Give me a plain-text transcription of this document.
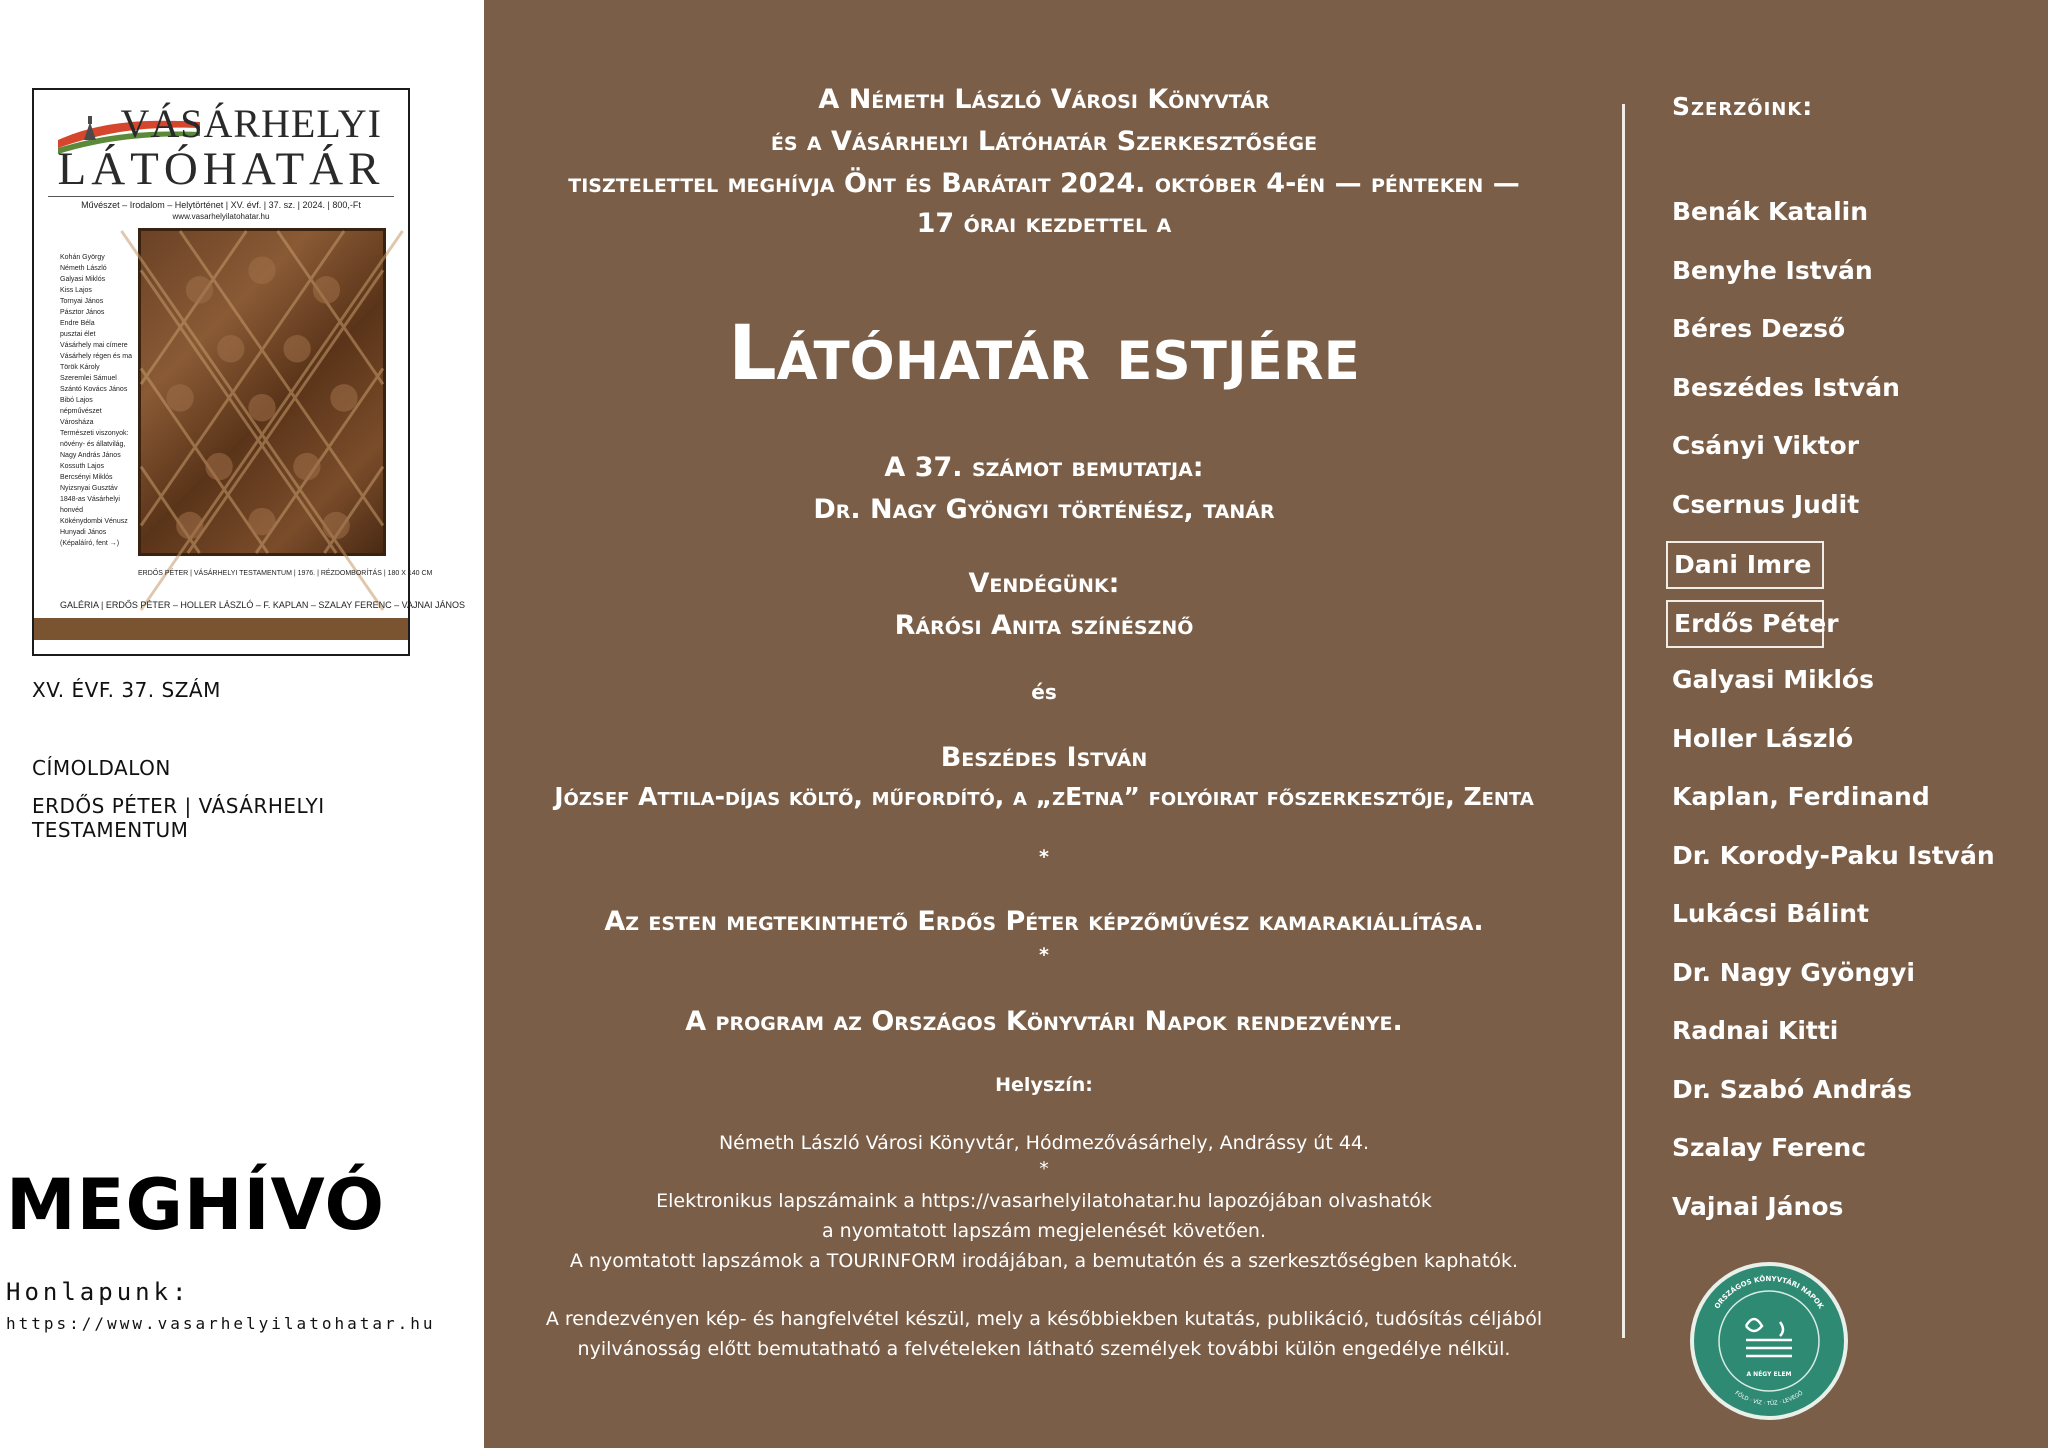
VÁSÁRHELYI
LÁTÓHATÁR
Művészet – Irodalom – Helytörténet | XV. évf. | 37. sz. | 2024. | 800,-Ft
www.vasarhelyilatohatar.hu
Kohán György
Németh László
Galyasi Miklós
Kiss Lajos
Tornyai János
Pásztor János
Endre Béla
pusztai élet
Vásárhely mai címere
Vásárhely régen és ma
Török Károly
Szeremlei Sámuel
Szántó Kovács János
Bibó Lajos
népművészet
Városháza
Természeti viszonyok:
növény- és állatvilág,
Nagy András János
Kossuth Lajos
Bercsényi Miklós
Nyizsnyai Gusztáv
1848-as Vásárhelyi
honvéd
Kökénydombi Vénusz
Hunyadi János
(Képaláíró, fent →)
ERDŐS PÉTER | VÁSÁRHELYI TESTAMENTUM | 1976. | RÉZDOMBORÍTÁS | 180 X 140 CM
GALÉRIA | ERDŐS PÉTER – HOLLER LÁSZLÓ – F. KAPLAN – SZALAY FERENC – VAJNAI JÁNOS
XV. ÉVF. 37. SZÁM
CÍMOLDALON
ERDŐS PÉTER | VÁSÁRHELYI TESTAMENTUM
MEGHÍVÓ
Honlapunk:
https://www.vasarhelyilatohatar.hu
A Németh László Városi Könyvtár
és a Vásárhelyi Látóhatár Szerkesztősége
tisztelettel meghívja Önt és Barátait 2024. október 4-én — pénteken —
17 órai kezdettel a
Látóhatár estjére
A 37. számot bemutatja:
Dr. Nagy Gyöngyi történész, tanár
Vendégünk:
Rárósi Anita színésznő
és
Beszédes István
József Attila-díjas költő, műfordító, a „zEtna” folyóirat főszerkesztője, Zenta
*
Az esten megtekinthető Erdős Péter képzőművész kamarakiállítása.
*
A program az Országos Könyvtári Napok rendezvénye.
Helyszín:
Németh László Városi Könyvtár, Hódmezővásárhely, Andrássy út 44.
*
Elektronikus lapszámaink a https://vasarhelyilatohatar.hu lapozójában olvashatók
a nyomtatott lapszám megjelenését követően.
A nyomtatott lapszámok a TOURINFORM irodájában, a bemutatón és a szerkesztőségben kaphatók.
A rendezvényen kép- és hangfelvétel készül, mely a későbbiekben kutatás, publikáció, tudósítás céljából
nyilvánosság előtt bemutatható a felvételeken látható személyek további külön engedélye nélkül.
Szerzőink:
Benák Katalin
Benyhe István
Béres Dezső
Beszédes István
Csányi Viktor
Csernus Judit
Dani Imre
Erdős Péter
Galyasi Miklós
Holler László
Kaplan, Ferdinand
Dr. Korody-Paku István
Lukácsi Bálint
Dr. Nagy Gyöngyi
Radnai Kitti
Dr. Szabó András
Szalay Ferenc
Vajnai János
ORSZÁGOS KÖNYVTÁRI NAPOK
FÖLD · VÍZ · TŰZ · LEVEGŐ
A NÉGY ELEM
